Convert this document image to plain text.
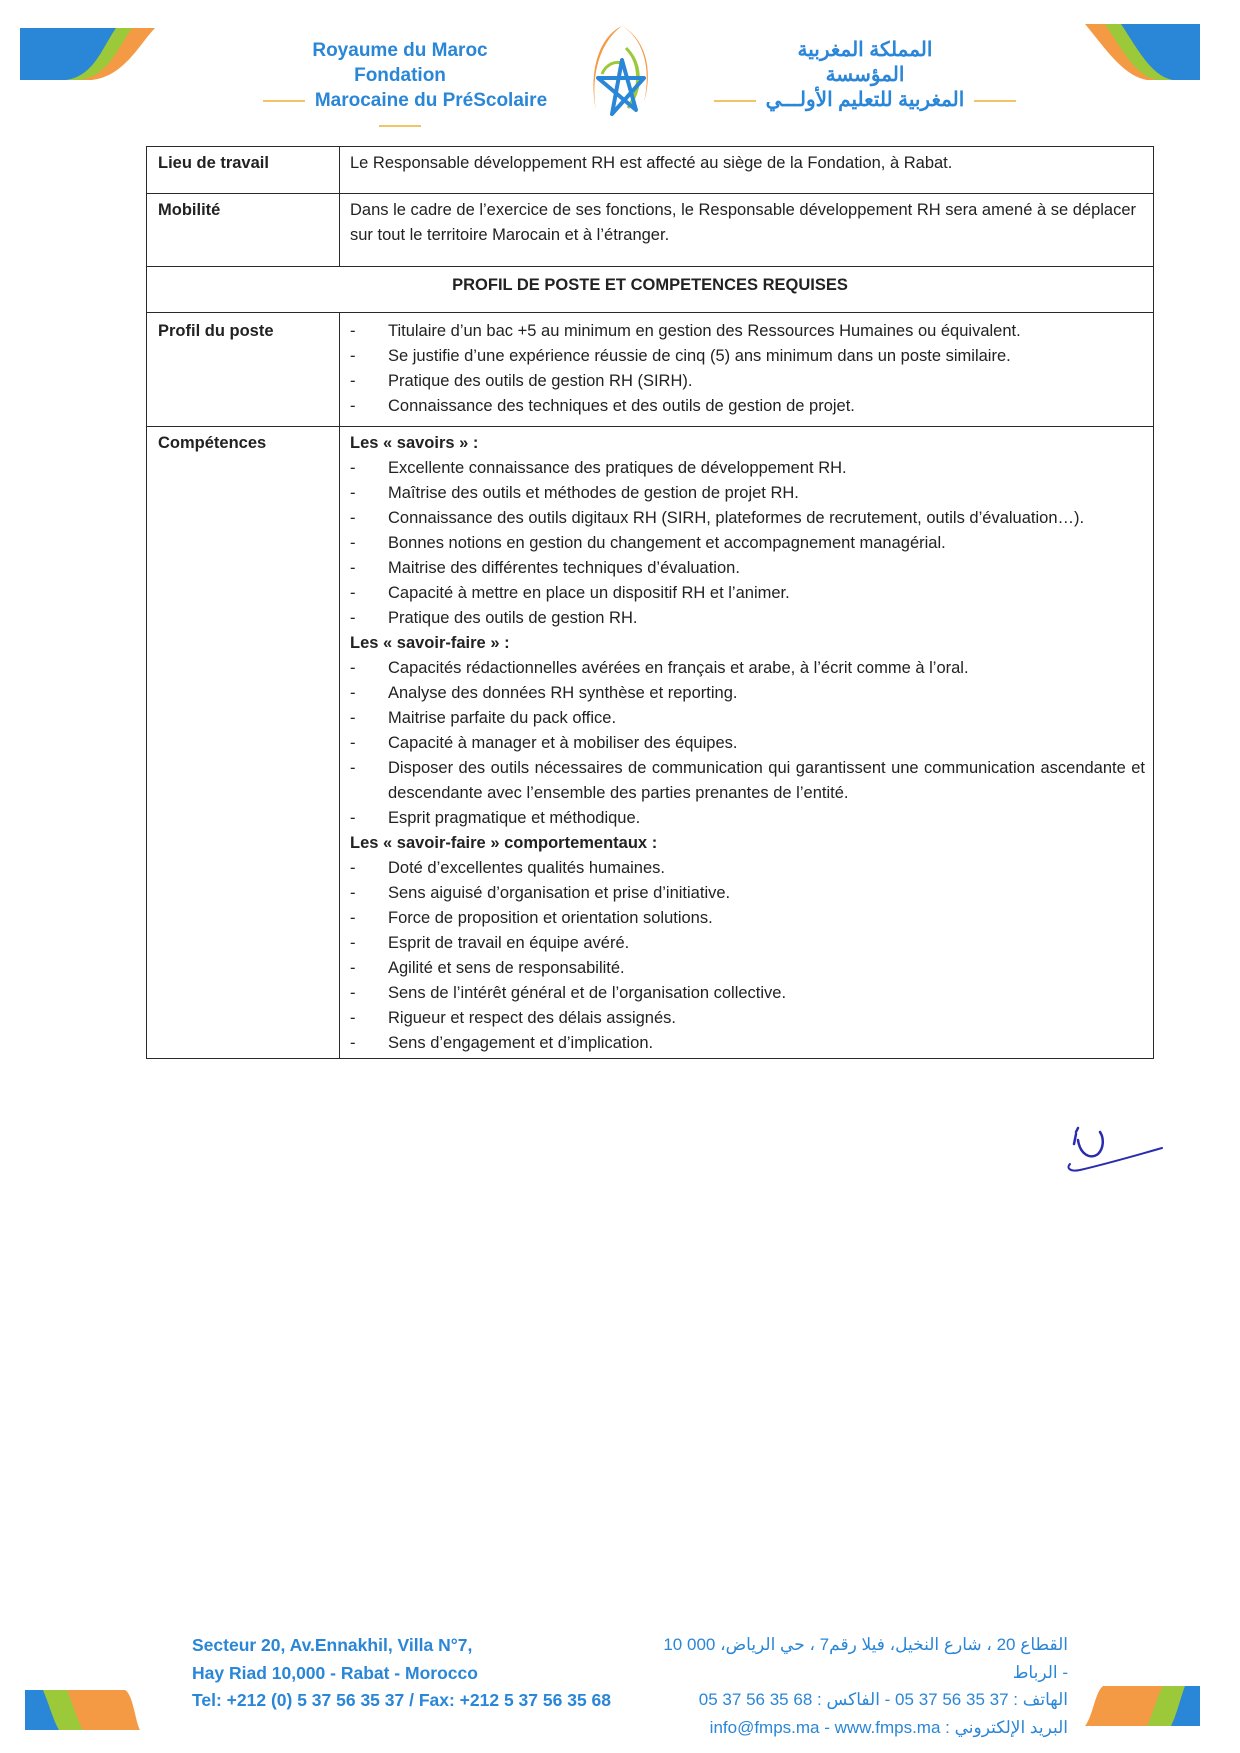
Royaume du Maroc
Fondation
Marocaine du PréScolaire
المملكة المغربية
المؤسسة
المغربية للتعليم الأولـــي
Lieu de travail	Le Responsable développement RH est affecté au siège de la Fondation, à Rabat.
Mobilité	Dans le cadre de l’exercice de ses fonctions, le Responsable développement RH sera amené à se déplacer sur tout le territoire Marocain et à l’étranger.
PROFIL DE POSTE ET COMPETENCES REQUISES	
Profil du poste	
-Titulaire d’un bac +5 au minimum en gestion des Ressources Humaines ou équivalent.
- Se justifie d’une expérience réussie de cinq (5) ans minimum dans un poste similaire.
- Pratique des outils de gestion RH (SIRH).
- Connaissance des techniques et des outils de gestion de projet.

Compétences	Les « savoirs » :
- Excellente connaissance des pratiques de développement RH.
- Maîtrise des outils et méthodes de gestion de projet RH.
- Connaissance des outils digitaux RH (SIRH, plateformes de recrutement, outils d’évaluation…).
- Bonnes notions en gestion du changement et accompagnement managérial.
- Maitrise des différentes techniques d’évaluation.
- Capacité à mettre en place un dispositif RH et l’animer.
- Pratique des outils de gestion RH.
Les « savoir-faire » :
- Capacités rédactionnelles avérées en français et arabe, à l’écrit comme à l’oral.
- Analyse des données RH synthèse et reporting.
- Maitrise parfaite du pack office.
- Capacité à manager et à mobiliser des équipes.
- Disposer des outils nécessaires de communication qui garantissent une communication ascendante et descendante avec l’ensemble des parties prenantes de l’entité.
- Esprit pragmatique et méthodique.
Les « savoir-faire » comportementaux :
- Doté d’excellentes qualités humaines.
- Sens aiguisé d’organisation et prise d’initiative.
- Force de proposition et orientation solutions.
- Esprit de travail en équipe avéré.
- Agilité et sens de responsabilité.
- Sens de l’intérêt général et de l’organisation collective.
- Rigueur et respect des délais assignés.
- Sens d’engagement et d’implication.
Secteur 20, Av.Ennakhil, Villa N°7,
Hay Riad 10,000 - Rabat - Morocco
Tel: +212 (0) 5 37 56 35 37 / Fax: +212 5 37 56 35 68
القطاع 20 ، شارع النخيل، فيلا رقم7 ، حي الرياض، 000 10 - الرباط
الهاتف : 37 35 56 37 05 - الفاكس : 68 35 56 37 05
البريد الإلكتروني : info@fmps.ma - www.fmps.ma
